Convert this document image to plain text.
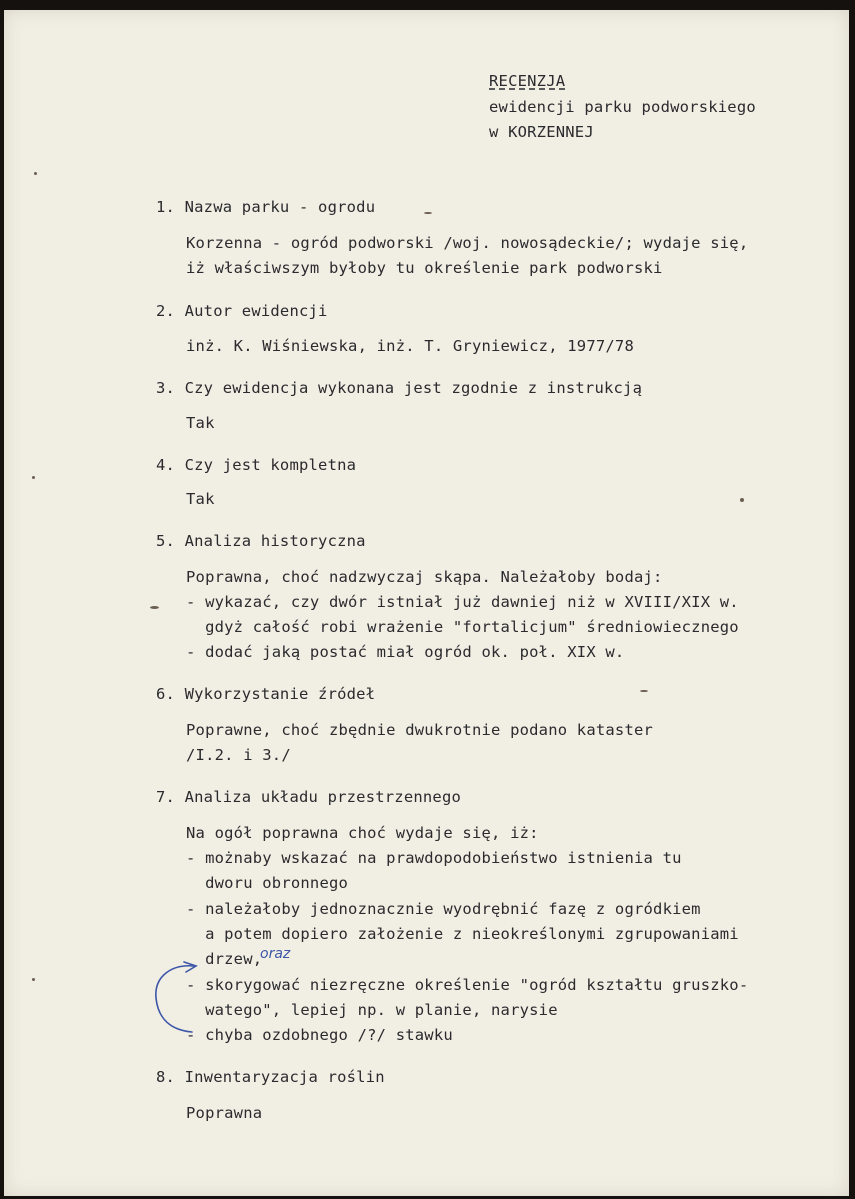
RECENZJA

ewidencji parku podworskiego

w KORZENNEJ

1. Nazwa parku - ogrodu

Korzenna - ogród podworski /woj. nowosądeckie/; wydaje się,

iż właściwszym byłoby tu określenie park podworski

2. Autor ewidencji

inż. K. Wiśniewska, inż. T. Gryniewicz, 1977/78

3. Czy ewidencja wykonana jest zgodnie z instrukcją

Tak

4. Czy jest kompletna

Tak

5. Analiza historyczna

Poprawna, choć nadzwyczaj skąpa. Należałoby bodaj:

- wykazać, czy dwór istniał już dawniej niż w XVIII/XIX w.

gdyż całość robi wrażenie "fortalicjum" średniowiecznego

- dodać jaką postać miał ogród ok. poł. XIX w.

6. Wykorzystanie źródeł

Poprawne, choć zbędnie dwukrotnie podano kataster

/I.2. i 3./

7. Analiza układu przestrzennego

Na ogół poprawna choć wydaje się, iż:

- możnaby wskazać na prawdopodobieństwo istnienia tu

dworu obronnego

- należałoby jednoznacznie wyodrębnić fazę z ogródkiem

a potem dopiero założenie z nieokreślonymi zgrupowaniami

drzew,

oraz

- skorygować niezręczne określenie "ogród kształtu gruszko-

watego", lepiej np. w planie, narysie

- chyba ozdobnego /?/ stawku

8. Inwentaryzacja roślin

Poprawna
